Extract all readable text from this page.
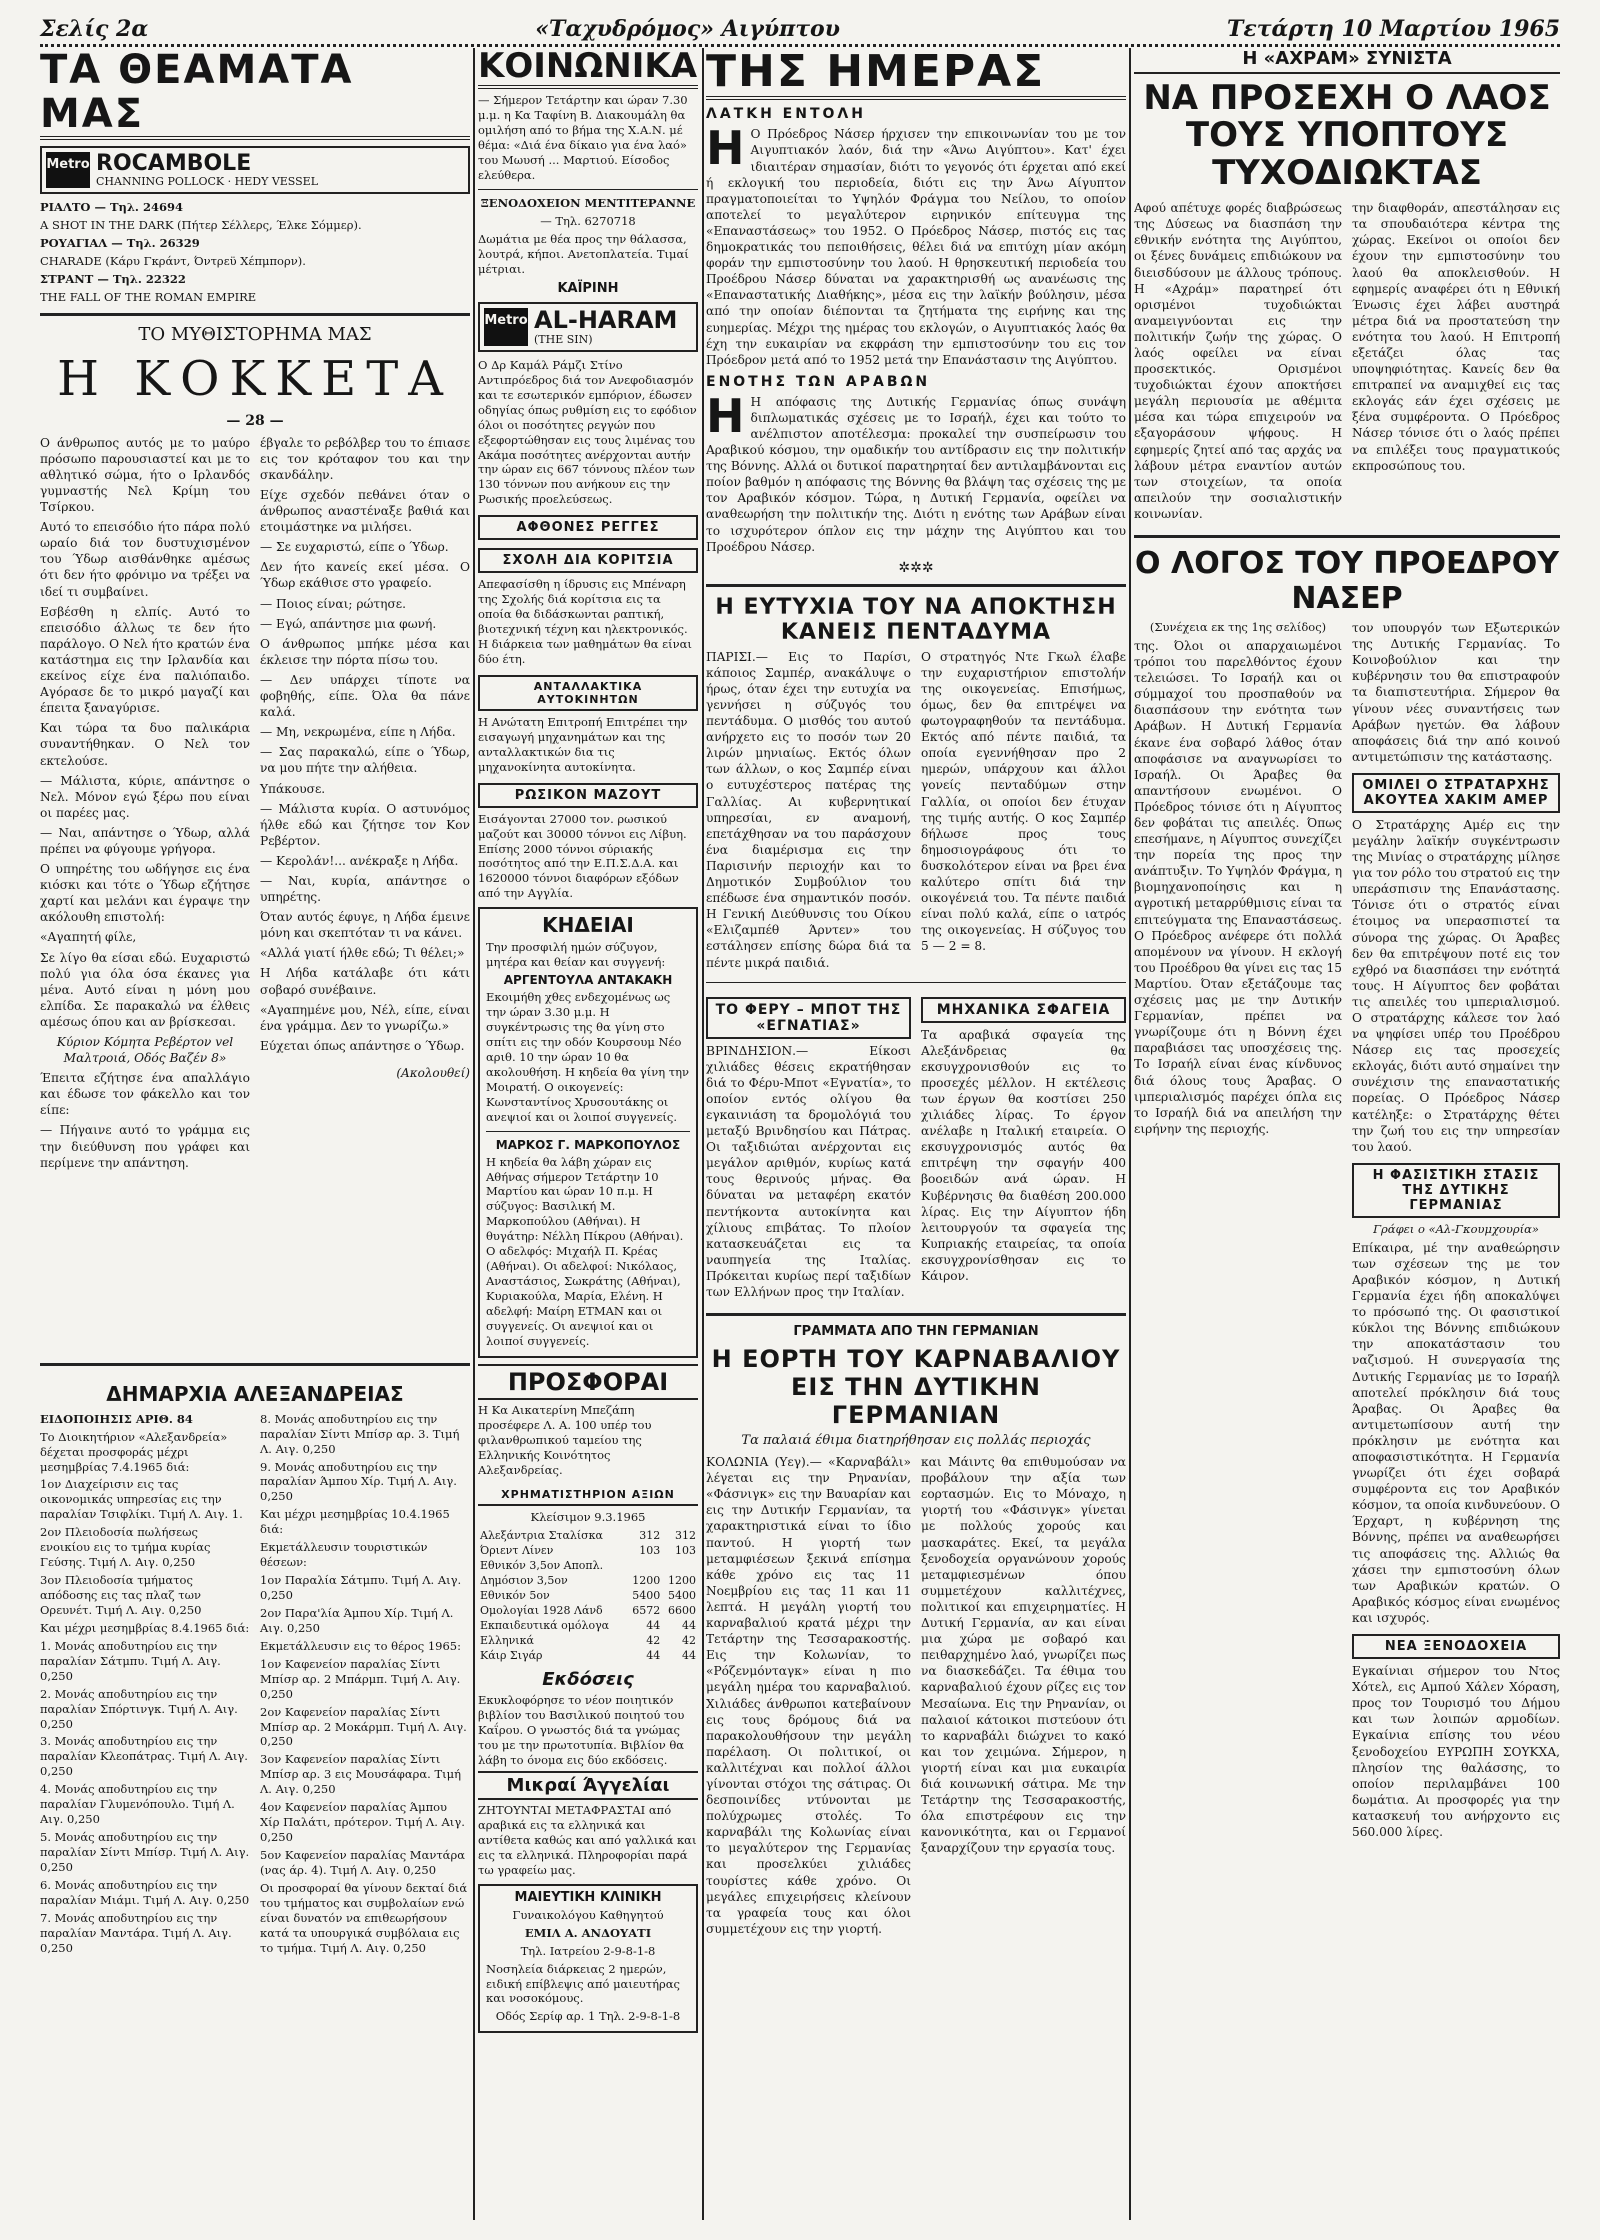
Σελίς 2α	«Ταχυδρόμος» Αιγύπτου	Τετάρτη 10 Μαρτίου 1965
ΤΑ ΘΕΑΜΑΤΑ ΜΑΣ
Metro ROCAMBOLE
CHANNING POLLOCK · HEDY VESSEL

ΡΙΑΛΤΟ — Τηλ. 24694

A SHOT IN THE DARK (Πήτερ Σέλλερς, Έλκε Σόμμερ).

ΡΟΥΑΓΙΑΛ — Τηλ. 26329

CHARADE (Κάρυ Γκράντ, Όντρεϋ Χέπμπορν).

ΣΤΡΑΝΤ — Τηλ. 22322

THE FALL OF THE ROMAN EMPIRE

ΤΟ ΜΥΘΙΣΤΟΡΗΜΑ ΜΑΣ
Η ΚΟΚΚΕΤΑ
— 28 —

Ο άνθρωπος αυτός με το μαύρο πρόσωπο παρουσιαστεί και με το αθλητικό σώμα, ήτο ο Ιρλανδός γυμναστής Νελ Κρίμη του Τσίρκου.

Αυτό το επεισόδιο ήτο πάρα πολύ ωραίο διά τον δυστυχισμένον του Ύδωρ αισθάνθηκε αμέσως ότι δεν ήτο φρόνιμο να τρέξει να ιδεί τι συμβαίνει.

Εσβέσθη η ελπίς. Αυτό το επεισόδιο άλλως τε δεν ήτο παράλογο. Ο Νελ ήτο κρατών ένα κατάστημα εις την Ιρλανδία και εκείνος είχε ένα παλιόπαιδο. Αγόρασε δε το μικρό μαγαζί και έπειτα ξαναγύρισε.

Και τώρα τα δυο παλικάρια συναντήθηκαν. Ο Νελ τον εκτελούσε.

— Μάλιστα, κύριε, απάντησε ο Νελ. Μόνον εγώ ξέρω που είναι οι παρέες μας.

— Ναι, απάντησε ο Ύδωρ, αλλά πρέπει να φύγουμε γρήγορα.

Ο υπηρέτης του ωδήγησε εις ένα κιόσκι και τότε ο Ύδωρ εζήτησε χαρτί και μελάνι και έγραψε την ακόλουθη επιστολή:

«Αγαπητή φίλε,

Σε λίγο θα είσαι εδώ. Ευχαριστώ πολύ για όλα όσα έκανες για μένα. Αυτό είναι η μόνη μου ελπίδα. Σε παρακαλώ να έλθεις αμέσως όπου και αν βρίσκεσαι.

Κύριον Κόμητα Ρεβέρτον vel Μαλτροιά, Οδός Βαζέν 8»

Έπειτα εζήτησε ένα απαλλάγιο και έδωσε τον φάκελλο και τον είπε:

— Πήγαινε αυτό το γράμμα εις την διεύθυνση που γράφει και περίμενε την απάντηση.

έβγαλε το ρεβόλβερ του το έπιασε εις τον κρόταφον του και την σκανδάλην.

Είχε σχεδόν πεθάνει όταν ο άνθρωπος αναστέναξε βαθιά και ετοιμάστηκε να μιλήσει.

— Σε ευχαριστώ, είπε ο Ύδωρ.

Δεν ήτο κανείς εκεί μέσα. Ο Ύδωρ εκάθισε στο γραφείο.

— Ποιος είναι; ρώτησε.

— Εγώ, απάντησε μια φωνή.

Ο άνθρωπος μπήκε μέσα και έκλεισε την πόρτα πίσω του.

— Δεν υπάρχει τίποτε να φοβηθής, είπε. Όλα θα πάνε καλά.

— Μη, νεκρωμένα, είπε η Λήδα.

— Σας παρακαλώ, είπε ο Ύδωρ, να μου πήτε την αλήθεια.

Υπάκουσε.

— Μάλιστα κυρία. Ο αστυνόμος ήλθε εδώ και ζήτησε τον Κον Ρεβέρτον.

— Κερολάν!... ανέκραξε η Λήδα.

— Ναι, κυρία, απάντησε ο υπηρέτης.

Όταν αυτός έφυγε, η Λήδα έμεινε μόνη και σκεπτόταν τι να κάνει.

«Αλλά γιατί ήλθε εδώ; Τι θέλει;»

Η Λήδα κατάλαβε ότι κάτι σοβαρό συνέβαινε.

«Αγαπημένε μου, Νέλ, είπε, είναι ένα γράμμα. Δεν το γνωρίζω.»

Εύχεται όπως απάντησε ο Ύδωρ.

(Ακολουθεί)

ΔΗΜΑΡΧΙΑ ΑΛΕΞΑΝΔΡΕΙΑΣ

ΕΙΔΟΠΟΙΗΣΙΣ ΑΡΙΘ. 84

Το Διοικητήριον «Αλεξανδρεία» δέχεται προσφοράς μέχρι μεσημβρίας 7.4.1965 διά:

1ον Διαχείρισιν εις τας οικονομικάς υπηρεσίας εις την παραλίαν Τσιφλίκι. Τιμή Λ. Αιγ. 1.

2ον Πλειοδοσία πωλήσεως ενοικίου εις το τμήμα κυρίας Γεύσης. Τιμή Λ. Αιγ. 0,250

3ον Πλειοδοσία τμήματος απόδοσης εις τας πλαζ των Ορευνέτ. Τιμή Λ. Αιγ. 0,250

Και μέχρι μεσημβρίας 8.4.1965 διά:

1. Μονάς αποδυτηρίου εις την παραλίαν Σάτμπυ. Τιμή Λ. Αιγ. 0,250

2. Μονάς αποδυτηρίου εις την παραλίαν Σπόρτινγκ. Τιμή Λ. Αιγ. 0,250

3. Μονάς αποδυτηρίου εις την παραλίαν Κλεοπάτρας. Τιμή Λ. Αιγ. 0,250

4. Μονάς αποδυτηρίου εις την παραλίαν Γλυμενόπουλο. Τιμή Λ. Αιγ. 0,250

5. Μονάς αποδυτηρίου εις την παραλίαν Σίντι Μπίσρ. Τιμή Λ. Αιγ. 0,250

6. Μονάς αποδυτηρίου εις την παραλίαν Μιάμι. Τιμή Λ. Αιγ. 0,250

7. Μονάς αποδυτηρίου εις την παραλίαν Μαντάρα. Τιμή Λ. Αιγ. 0,250

8. Μονάς αποδυτηρίου εις την παραλίαν Σίντι Μπίσρ αρ. 3. Τιμή Λ. Αιγ. 0,250

9. Μονάς αποδυτηρίου εις την παραλίαν Άμπου Χίρ. Τιμή Λ. Αιγ. 0,250

Και μέχρι μεσημβρίας 10.4.1965 διά:

Εκμετάλλευσιν τουριστικών θέσεων:

1ον Παραλία Σάτμπυ. Τιμή Λ. Αιγ. 0,250

2ον Παρα'λία Άμπου Χίρ. Τιμή Λ. Αιγ. 0,250

Εκμετάλλευσιν εις το θέρος 1965:

1ον Καφενείον παραλίας Σίντι Μπίσρ αρ. 2 Μπάρμπ. Τιμή Λ. Αιγ. 0,250

2ον Καφενείον παραλίας Σίντι Μπίσρ αρ. 2 Μοκάρμπ. Τιμή Λ. Αιγ. 0,250

3ον Καφενείον παραλίας Σίντι Μπίσρ αρ. 3 εις Μουσάφαρα. Τιμή Λ. Αιγ. 0,250

4ον Καφενείον παραλίας Άμπου Χίρ Παλάτι, πρότερον. Τιμή Λ. Αιγ. 0,250

5ον Καφενείον παραλίας Μαντάρα (νας άρ. 4). Τιμή Λ. Αιγ. 0,250

Οι προσφοραί θα γίνουν δεκταί διά του τμήματος και συμβολαίων ενώ είναι δυνατόν να επιθεωρήσουν κατά τα υπουργικά συμβόλαια εις το τμήμα. Τιμή Λ. Αιγ. 0,250

ΚΟΙΝΩΝΙΚΑ

— Σήμερον Τετάρτην και ώραν 7.30 μ.μ. η Κα Ταφίνη Β. Διακουμάλη θα ομιλήση από το βήμα της Χ.Α.Ν. μέ θέμα: «Διά ένα δίκαιο για ένα λαό» του Μωυσή ... Μαρτιού. Είσοδος ελεύθερα.

ΞΕΝΟΔΟΧΕΙΟΝ ΜΕΝΤΙΤΕΡΑΝΝΕ

— Τηλ. 6270718

Δωμάτια με θέα προς την θάλασσα, λουτρά, κήποι. Ανετοπλατεία. Τιμαί μέτριαι.

ΚΑΪΡΙΝΗ
Metro AL-HARAM
(THE SIN)

Ο Δρ Καμάλ Ράμζι Στίνο Αντιπρόεδρος διά τον Ανεφοδιασμόν και τε εσωτερικόν εμπόριον, έδωσεν οδηγίας όπως ρυθμίση εις το εφόδιον όλοι οι ποσότητες ρεγγών που εξεφορτώθησαν εις τους λιμένας του Ακάμα ποσότητες ανέρχονται αυτήν την ώραν εις 667 τόννους πλέον των 130 τόννων που ανήκουν εις την Ρωσικής προελεύσεως.

ΑΦΘΟΝΕΣ ΡΕΓΓΕΣ
ΣΧΟΛΗ ΔΙΑ ΚΟΡΙΤΣΙΑ

Απεφασίσθη η ίδρυσις εις Μπέναρη της Σχολής διά κορίτσια εις τα οποία θα διδάσκωνται ραπτική, βιοτεχνική τέχνη και ηλεκτρονικός. Η διάρκεια των μαθημάτων θα είναι δύο έτη.

ΑΝΤΑΛΛΑΚΤΙΚΑ ΑΥΤΟΚΙΝΗΤΩΝ

Η Ανώτατη Επιτροπή Επιτρέπει την εισαγωγή μηχανημάτων και της ανταλλακτικών δια τις μηχανοκίνητα αυτοκίνητα.

ΡΩΣΙΚΟΝ ΜΑΖΟΥΤ

Εισάγονται 27000 τον. ρωσικού μαζούτ και 30000 τόννοι εις Λίβυη. Επίσης 2000 τόννοι σύριακής ποσότητος από την Ε.Π.Σ.Δ.Α. και 1620000 τόννοι διαφόρων εξόδων από την Αγγλία.

ΚΗΔΕΙΑΙ

Την προσφιλή ημών σύζυγον, μητέρα και θείαν και συγγενή:

ΑΡΓΕΝΤΟΥΛΑ ΑΝΤΑΚΑΚΗ

Εκοιμήθη χθες ενδεχομένως ως την ώραν 3.30 μ.μ. Η συγκέντρωσις της θα γίνη στο σπίτι εις την οδόν Κουρσουμ Νέο αριθ. 10 την ώραν 10 θα ακολουθήση. Η κηδεία θα γίνη την Μοιρατή. Ο οικογενείς: Κωνσταντίνος Χρυσουτάκης οι ανεψιοί και οι λοιποί συγγενείς.

ΜΑΡΚΟΣ Γ. ΜΑΡΚΟΠΟΥΛΟΣ

Η κηδεία θα λάβη χώραν εις Αθήνας σήμερον Τετάρτην 10 Μαρτίου και ώραν 10 π.μ. Η σύζυγος: Βασιλική Μ. Μαρκοπούλου (Αθήναι). Η θυγάτηρ: Νέλλη Πίκρου (Αθήναι). Ο αδελφός: Μιχαήλ Π. Κρέας (Αθήναι). Οι αδελφοί: Νικόλαος, Αναστάσιος, Σωκράτης (Αθήναι), Κυριακούλα, Μαρία, Ελένη. Η αδελφή: Μαίρη ΕΤΜΑΝ και οι συγγενείς. Οι ανεψιοί και οι λοιποί συγγενείς.

ΠΡΟΣΦΟΡΑΙ

Η Κα Αικατερίνη Μπεζάπη προσέφερε Λ. Α. 100 υπέρ του φιλανθρωπικού ταμείου της Ελληνικής Κοινότητος Αλεξανδρείας.

ΧΡΗΜΑΤΙΣΤΗΡΙΟΝ ΑΞΙΩΝ

Κλείσιμον 9.3.1965

Αλεξάντρια Σταλίσκα	312	312
Όριεντ Λίνεν	103	103
Εθνικόν 3,5ον Αποπλ.		
Δημόσιον 3,5ον	1200	1200
Εθνικόν 5ον	5400	5400
Ομολογίαι 1928 Λάνδ	6572	6600
Εκπαιδευτικά ομόλογα	44	44
Ελληνικά	42	42
Κάιρ Σιγάρ	44	44
Εκδόσεις

Εκυκλοφόρησε το νέον ποιητικόν βιβλίον του Βασιλικού ποιητού του Καΐρου. Ο γνωστός διά τα γνώμας του με την πρωτοτυπία. Βιβλίον θα λάβη το όνομα εις δύο εκδόσεις.

Μικραί Άγγελίαι

ΖΗΤΟΥΝΤΑΙ ΜΕΤΑΦΡΑΣΤΑΙ από αραβικά εις τα ελληνικά και αντίθετα καθώς και από γαλλικά και εις τα ελληνικά. Πληροφορίαι παρά τω γραφείω μας.

ΜΑΙΕΥΤΙΚΗ ΚΛΙΝΙΚΗ

Γυναικολόγου Καθηγητού

ΕΜΙΛ Α. ΑΝΔΟΥΑΤΙ

Τηλ. Ιατρείου 2-9-8-1-8

Νοσηλεία διάρκειας 2 ημερών, ειδική επίβλεψις από μαιευτήρας και νοσοκόμους.

Οδός Σερίφ αρ. 1 Τηλ. 2-9-8-1-8

ΤΗΣ ΗΜΕΡΑΣ
ΛΑΤΚΗ ΕΝΤΟΛΗ

Η Ο Πρόεδρος Νάσερ ήρχισεν την επικοινωνίαν του με τον Αιγυπτιακόν λαόν, διά την «Άνω Αιγύπτου». Κατ' έχει ιδιαιτέραν σημασίαν, διότι το γεγονός ότι έρχεται από εκεί ή εκλογική του περιοδεία, διότι εις την Άνω Αίγυπτον πραγματοποιείται το Υψηλόν Φράγμα του Νείλου, το οποίον αποτελεί το μεγαλύτερον ειρηνικόν επίτευγμα της «Επαναστάσεως» του 1952. Ο Πρόεδρος Νάσερ, πιστός εις τας δημοκρατικάς του πεποιθήσεις, θέλει διά να επιτύχη μίαν ακόμη φοράν την εμπιστοσύνην του λαού. Η θρησκευτική περιοδεία του Προέδρου Νάσερ δύναται να χαρακτηρισθή ως ανανέωσις της «Επαναστατικής Διαθήκης», μέσα εις την λαϊκήν βούλησιν, μέσα από την οποίαν διέπονται τα ζητήματα της ειρήνης και της ευημερίας. Μέχρι της ημέρας του εκλογών, ο Αιγυπτιακός λαός θα έχη την ευκαιρίαν να εκφράση την εμπιστοσύνην του εις τον Πρόεδρον μετά από το 1952 μετά την Επανάστασιν της Αιγύπτου.

ΕΝΟΤΗΣ ΤΩΝ ΑΡΑΒΩΝ

Η Η απόφασις της Δυτικής Γερμανίας όπως συνάψη διπλωματικάς σχέσεις με το Ισραήλ, έχει και τούτο το ανέλπιστον αποτέλεσμα: προκαλεί την συσπείρωσιν του Αραβικού κόσμου, την ομαδικήν του αντίδρασιν εις την πολιτικήν της Βόννης. Αλλά οι δυτικοί παρατηρηταί δεν αντιλαμβάνονται εις ποίον βαθμόν η απόφασις της Βόννης θα βλάψη τας σχέσεις της με τον Αραβικόν κόσμον. Τώρα, η Δυτική Γερμανία, οφείλει να αναθεωρήση την πολιτικήν της. Διότι η ενότης των Αράβων είναι το ισχυρότερον όπλον εις την μάχην της Αιγύπτου και του Προέδρου Νάσερ.

✲✲✲
Η ΕΥΤΥΧΙΑ ΤΟΥ ΝΑ ΑΠΟΚΤΗΣΗ ΚΑΝΕΙΣ ΠΕΝΤΑΔΥΜΑ

ΠΑΡΙΣΙ.— Εις το Παρίσι, κάποιος Σαμπέρ, ανακάλυψε ο ήρως, όταν έχει την ευτυχία να γεννήσει η σύζυγός του πεντάδυμα. Ο μισθός του αυτού ανήρχετο εις το ποσόν των 20 λιρών μηνιαίως. Εκτός όλων των άλλων, ο κος Σαμπέρ είναι ο ευτυχέστερος πατέρας της Γαλλίας. Αι κυβερνητικαί υπηρεσίαι, εν αναμονή, επετάχθησαν να του παράσχουν ένα διαμέρισμα εις την Παρισινήν περιοχήν και το Δημοτικόν Συμβούλιον του επέδωσε ένα σημαντικόν ποσόν. Η Γενική Διεύθυνσις του Οίκου «Ελιζαμπέθ Άρντεν» του εστάλησεν επίσης δώρα διά τα πέντε μικρά παιδιά.

Ο στρατηγός Ντε Γκωλ έλαβε την ευχαριστήριον επιστολήν της οικογενείας. Επισήμως, όμως, δεν θα επιτρέψει να φωτογραφηθούν τα πεντάδυμα. Εκτός από πέντε παιδιά, τα οποία εγεννήθησαν προ 2 ημερών, υπάρχουν και άλλοι γονείς πενταδύμων στην Γαλλία, οι οποίοι δεν έτυχαν της τιμής αυτής. Ο κος Σαμπέρ δήλωσε προς τους δημοσιογράφους ότι το δυσκολότερον είναι να βρει ένα καλύτερο σπίτι διά την οικογένειά του. Τα πέντε παιδιά είναι πολύ καλά, είπε ο ιατρός της οικογενείας. Η σύζυγος του 5 — 2 = 8.

ΤΟ ΦΕΡΥ – ΜΠΟΤ ΤΗΣ «ΕΓΝΑΤΙΑΣ»

ΒΡΙΝΔΗΣΙΟΝ.— Είκοσι χιλιάδες θέσεις εκρατήθησαν διά το Φέρυ-Μποτ «Εγνατία», το οποίον εντός ολίγου θα εγκαινιάση τα δρομολόγιά του μεταξύ Βρινδησίου και Πάτρας. Οι ταξιδιώται ανέρχονται εις μεγάλον αριθμόν, κυρίως κατά τους θερινούς μήνας. Θα δύναται να μεταφέρη εκατόν πεντήκοντα αυτοκίνητα και χίλιους επιβάτας. Το πλοίον κατασκευάζεται εις τα ναυπηγεία της Ιταλίας. Πρόκειται κυρίως περί ταξιδίων των Ελλήνων προς την Ιταλίαν.

ΜΗΧΑΝΙΚΑ ΣΦΑΓΕΙΑ

Τα αραβικά σφαγεία της Αλεξάνδρειας θα εκσυγχρονισθούν εις το προσεχές μέλλον. Η εκτέλεσις των έργων θα κοστίσει 250 χιλιάδες λίρας. Το έργον ανέλαβε η Ιταλική εταιρεία. Ο εκσυγχρονισμός αυτός θα επιτρέψη την σφαγήν 400 βοοειδών ανά ώραν. Η Κυβέρνησις θα διαθέση 200.000 λίρας. Εις την Αίγυπτον ήδη λειτουργούν τα σφαγεία της Κυπριακής εταιρείας, τα οποία εκσυγχρονίσθησαν εις το Κάιρον.

ΓΡΑΜΜΑΤΑ ΑΠΟ ΤΗΝ ΓΕΡΜΑΝΙΑΝ
Η ΕΟΡΤΗ ΤΟΥ ΚΑΡΝΑΒΑΛΙΟΥ ΕΙΣ ΤΗΝ ΔΥΤΙΚΗΝ ΓΕΡΜΑΝΙΑΝ
Τα παλαιά έθιμα διατηρήθησαν εις πολλάς περιοχάς

ΚΟΛΩΝΙΑ (Υεγ).— «Καρναβάλι» λέγεται εις την Ρηνανίαν, «Φάσνιγκ» εις την Βαυαρίαν και εις την Δυτικήν Γερμανίαν, τα χαρακτηριστικά είναι το ίδιο παντού. Η γιορτή των μεταμφιέσεων ξεκινά επίσημα κάθε χρόνο εις τας 11 Νοεμβρίου εις τας 11 και 11 λεπτά. Η μεγάλη γιορτή του καρναβαλιού κρατά μέχρι την Τετάρτην της Τεσσαρακοστής. Εις την Κολωνίαν, το «Ρόζενμόνταγκ» είναι η πιο μεγάλη ημέρα του καρναβαλιού. Χιλιάδες άνθρωποι κατεβαίνουν εις τους δρόμους διά να παρακολουθήσουν την μεγάλη παρέλαση. Οι πολιτικοί, οι καλλιτέχναι και πολλοί άλλοι γίνονται στόχοι της σάτιρας. Οι δεσποινίδες ντύνονται με πολύχρωμες στολές. Το καρναβάλι της Κολωνίας είναι το μεγαλύτερον της Γερμανίας και προσελκύει χιλιάδες τουρίστες κάθε χρόνο. Οι μεγάλες επιχειρήσεις κλείνουν τα γραφεία τους και όλοι συμμετέχουν εις την γιορτή.

και Μάιντς θα επιθυμούσαν να προβάλουν την αξία των εορτασμών. Εις το Μόναχο, η γιορτή του «Φάσινγκ» γίνεται με πολλούς χορούς και μασκαράτες. Εκεί, τα μεγάλα ξενοδοχεία οργανώνουν χορούς μεταμφιεσμένων όπου συμμετέχουν καλλιτέχνες, πολιτικοί και επιχειρηματίες. Η Δυτική Γερμανία, αν και είναι μια χώρα με σοβαρό και πειθαρχημένο λαό, γνωρίζει πως να διασκεδάζει. Τα έθιμα του καρναβαλιού έχουν ρίζες εις τον Μεσαίωνα. Εις την Ρηνανίαν, οι παλαιοί κάτοικοι πιστεύουν ότι το καρναβάλι διώχνει το κακό και τον χειμώνα. Σήμερον, η γιορτή είναι και μια ευκαιρία διά κοινωνική σάτιρα. Με την Τετάρτην της Τεσσαρακοστής, όλα επιστρέφουν εις την κανονικότητα, και οι Γερμανοί ξαναρχίζουν την εργασία τους.

Η «ΑΧΡΑΜ» ΣΥΝΙΣΤΑ
ΝΑ ΠΡΟΣΕΧΗ Ο ΛΑΟΣ ΤΟΥΣ ΥΠΟΠΤΟΥΣ ΤΥΧΟΔΙΩΚΤΑΣ

Αφού απέτυχε φορές διαβρώσεως της Δύσεως να διασπάση την εθνικήν ενότητα της Αιγύπτου, οι ξένες δυνάμεις επιδιώκουν να διεισδύσουν με άλλους τρόπους. Η «Αχράμ» παρατηρεί ότι ορισμένοι τυχοδιώκται αναμειγνύονται εις την πολιτικήν ζωήν της χώρας. Ο λαός οφείλει να είναι προσεκτικός. Ορισμένοι τυχοδιώκται έχουν αποκτήσει μεγάλη περιουσία με αθέμιτα μέσα και τώρα επιχειρούν να εξαγοράσουν ψήφους. Η εφημερίς ζητεί από τας αρχάς να λάβουν μέτρα εναντίον αυτών των στοιχείων, τα οποία απειλούν την σοσιαλιστικήν κοινωνίαν.

την διαφθοράν, απεστάλησαν εις τα σπουδαιότερα κέντρα της χώρας. Εκείνοι οι οποίοι δεν έχουν την εμπιστοσύνην του λαού θα αποκλεισθούν. Η εφημερίς αναφέρει ότι η Εθνική Ένωσις έχει λάβει αυστηρά μέτρα διά να προστατεύση την ενότητα του λαού. Η Επιτροπή εξετάζει όλας τας υποψηφιότητας. Κανείς δεν θα επιτραπεί να αναμιχθεί εις τας εκλογάς εάν έχει σχέσεις με ξένα συμφέροντα. Ο Πρόεδρος Νάσερ τόνισε ότι ο λαός πρέπει να επιλέξει τους πραγματικούς εκπροσώπους του.

Ο ΛΟΓΟΣ ΤΟΥ ΠΡΟΕΔΡΟΥ ΝΑΣΕΡ

(Συνέχεια εκ της 1ης σελίδος)

της. Όλοι οι απαρχαιωμένοι τρόποι του παρελθόντος έχουν τελειώσει. Το Ισραήλ και οι σύμμαχοί του προσπαθούν να διασπάσουν την ενότητα των Αράβων. Η Δυτική Γερμανία έκανε ένα σοβαρό λάθος όταν αποφάσισε να αναγνωρίσει το Ισραήλ. Οι Άραβες θα απαντήσουν ενωμένοι. Ο Πρόεδρος τόνισε ότι η Αίγυπτος δεν φοβάται τις απειλές. Όπως επεσήμανε, η Αίγυπτος συνεχίζει την πορεία της προς την ανάπτυξιν. Το Υψηλόν Φράγμα, η βιομηχανοποίησις και η αγροτική μεταρρύθμισις είναι τα επιτεύγματα της Επαναστάσεως. Ο Πρόεδρος ανέφερε ότι πολλά απομένουν να γίνουν. Η εκλογή του Προέδρου θα γίνει εις τας 15 Μαρτίου. Όταν εξετάζουμε τας σχέσεις μας με την Δυτικήν Γερμανίαν, πρέπει να γνωρίζουμε ότι η Βόννη έχει παραβιάσει τας υποσχέσεις της. Το Ισραήλ είναι ένας κίνδυνος διά όλους τους Άραβας. Ο ιμπεριαλισμός παρέχει όπλα εις το Ισραήλ διά να απειλήση την ειρήνην της περιοχής.

τον υπουργόν των Εξωτερικών της Δυτικής Γερμανίας. Το Κοινοβούλιον και την κυβέρνησιν του θα επιστραφούν τα διαπιστευτήρια. Σήμερον θα γίνουν νέες συναντήσεις των Αράβων ηγετών. Θα λάβουν αποφάσεις διά την από κοινού αντιμετώπισιν της κατάστασης.

ΟΜΙΛΕΙ Ο ΣΤΡΑΤΑΡΧΗΣ ΑΚΟΥΤΕΑ ΧΑΚΙΜ ΑΜΕΡ

Ο Στρατάρχης Αμέρ εις την μεγάλην λαϊκήν συγκέντρωσιν της Μινίας ο στρατάρχης μίλησε για τον ρόλο του στρατού εις την υπεράσπισιν της Επανάστασης. Τόνισε ότι ο στρατός είναι έτοιμος να υπερασπιστεί τα σύνορα της χώρας. Οι Άραβες δεν θα επιτρέψουν ποτέ εις τον εχθρό να διασπάσει την ενότητά τους. Η Αίγυπτος δεν φοβάται τις απειλές του ιμπεριαλισμού. Ο στρατάρχης κάλεσε τον λαό να ψηφίσει υπέρ του Προέδρου Νάσερ εις τας προσεχείς εκλογάς, διότι αυτό σημαίνει την συνέχισιν της επαναστατικής πορείας. Ο Πρόεδρος Νάσερ κατέληξε: ο Στρατάρχης θέτει την ζωή του εις την υπηρεσίαν του λαού.

Η ΦΑΣΙΣΤΙΚΗ ΣΤΑΣΙΣ ΤΗΣ ΔΥΤΙΚΗΣ ΓΕΡΜΑΝΙΑΣ

Γράφει ο «Αλ-Γκουμχουρία»

Επίκαιρα, μέ την αναθεώρησιν των σχέσεων της με τον Αραβικόν κόσμον, η Δυτική Γερμανία έχει ήδη αποκαλύψει το πρόσωπό της. Οι φασιστικοί κύκλοι της Βόννης επιδιώκουν την αποκατάστασιν του ναζισμού. Η συνεργασία της Δυτικής Γερμανίας με το Ισραήλ αποτελεί πρόκλησιν διά τους Άραβας. Οι Άραβες θα αντιμετωπίσουν αυτή την πρόκλησιν με ενότητα και αποφασιστικότητα. Η Γερμανία γνωρίζει ότι έχει σοβαρά συμφέροντα εις τον Αραβικόν κόσμον, τα οποία κινδυνεύουν. Ο Έρχαρτ, η κυβέρνηση της Βόννης, πρέπει να αναθεωρήσει τις αποφάσεις της. Αλλιώς θα χάσει την εμπιστοσύνη όλων των Αραβικών κρατών. Ο Αραβικός κόσμος είναι ενωμένος και ισχυρός.

ΝΕΑ ΞΕΝΟΔΟΧΕΙΑ

Εγκαίνιαι σήμερον του Ντος Χότελ, εις Αμπού Χάλεν Χόραση, προς τον Τουρισμό του Δήμου και των λοιπών αρμοδίων. Εγκαίνια επίσης του νέου ξενοδοχείου ΕΥΡΩΠΗ ΣΟΥΚΧΑ, πλησίον της θαλάσσης, το οποίον περιλαμβάνει 100 δωμάτια. Αι προσφορές για την κατασκευή του ανήρχοντο εις 560.000 λίρες.
